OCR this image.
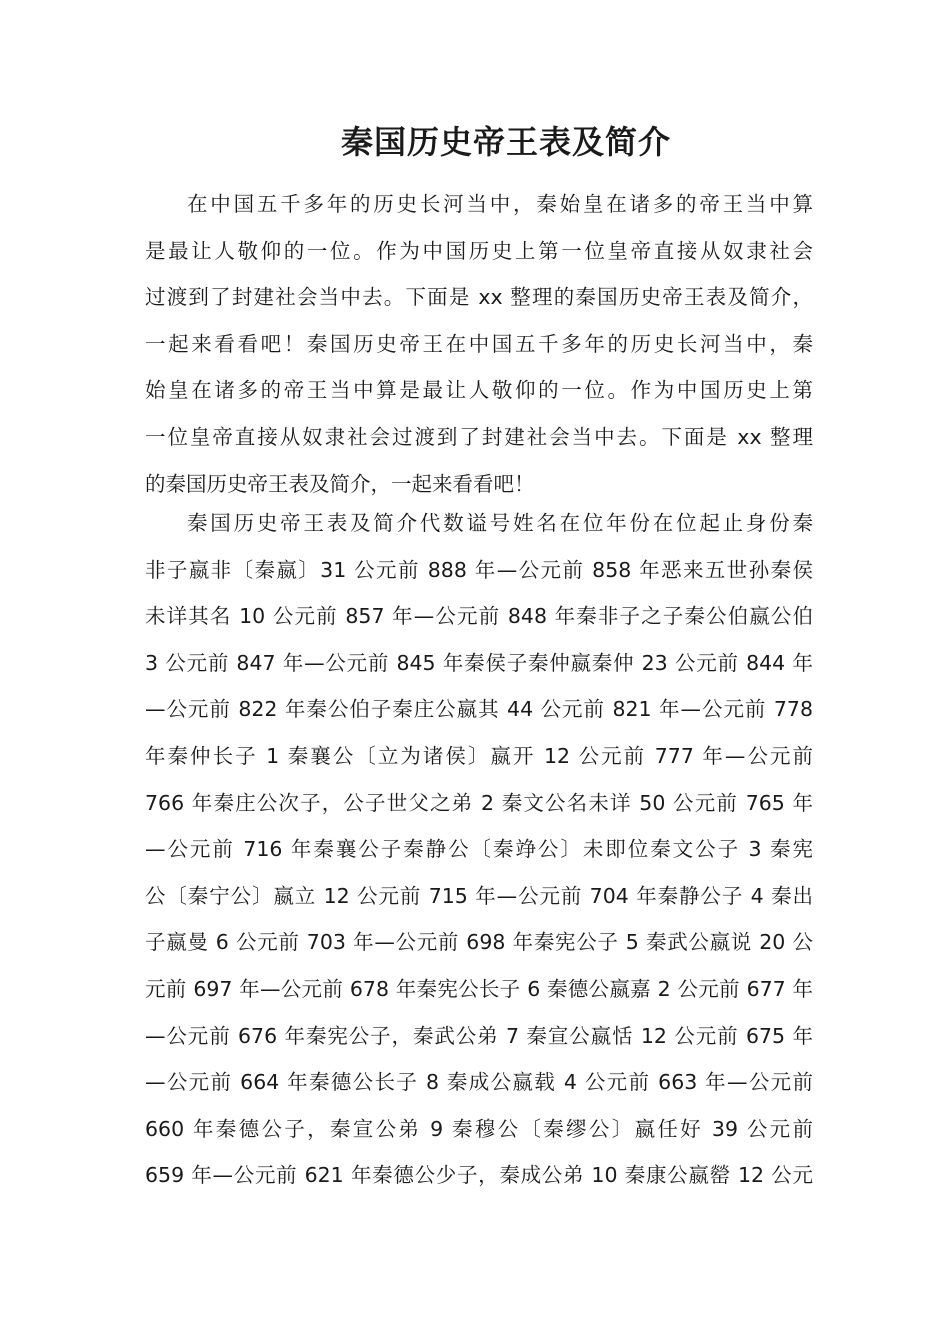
秦国历史帝王表及简介
在中国五千多年的历史长河当中，秦始皇在诸多的帝王当中算
是最让人敬仰的一位。作为中国历史上第一位皇帝直接从奴隶社会
过渡到了封建社会当中去。下面是 xx 整理的秦国历史帝王表及简介，
一起来看看吧！秦国历史帝王在中国五千多年的历史长河当中，秦
始皇在诸多的帝王当中算是最让人敬仰的一位。作为中国历史上第
一位皇帝直接从奴隶社会过渡到了封建社会当中去。下面是 xx 整理
的秦国历史帝王表及简介，一起来看看吧！
秦国历史帝王表及简介代数谥号姓名在位年份在位起止身份秦
非子嬴非〔秦嬴〕31 公元前 888 年—公元前 858 年恶来五世孙秦侯
未详其名 10 公元前 857 年—公元前 848 年秦非子之子秦公伯嬴公伯
3 公元前 847 年—公元前 845 年秦侯子秦仲嬴秦仲 23 公元前 844 年
—公元前 822 年秦公伯子秦庄公嬴其 44 公元前 821 年—公元前 778
年秦仲长子 1 秦襄公〔立为诸侯〕嬴开 12 公元前 777 年—公元前
766 年秦庄公次子，公子世父之弟 2 秦文公名未详 50 公元前 765 年
—公元前 716 年秦襄公子秦静公〔秦竫公〕未即位秦文公子 3 秦宪
公〔秦宁公〕嬴立 12 公元前 715 年—公元前 704 年秦静公子 4 秦出
子嬴曼 6 公元前 703 年—公元前 698 年秦宪公子 5 秦武公嬴说 20 公
元前 697 年—公元前 678 年秦宪公长子 6 秦德公嬴嘉 2 公元前 677 年
—公元前 676 年秦宪公子，秦武公弟 7 秦宣公嬴恬 12 公元前 675 年
—公元前 664 年秦德公长子 8 秦成公嬴载 4 公元前 663 年—公元前
660 年秦德公子，秦宣公弟 9 秦穆公〔秦缪公〕嬴任好 39 公元前
659 年—公元前 621 年秦德公少子，秦成公弟 10 秦康公嬴罃 12 公元
